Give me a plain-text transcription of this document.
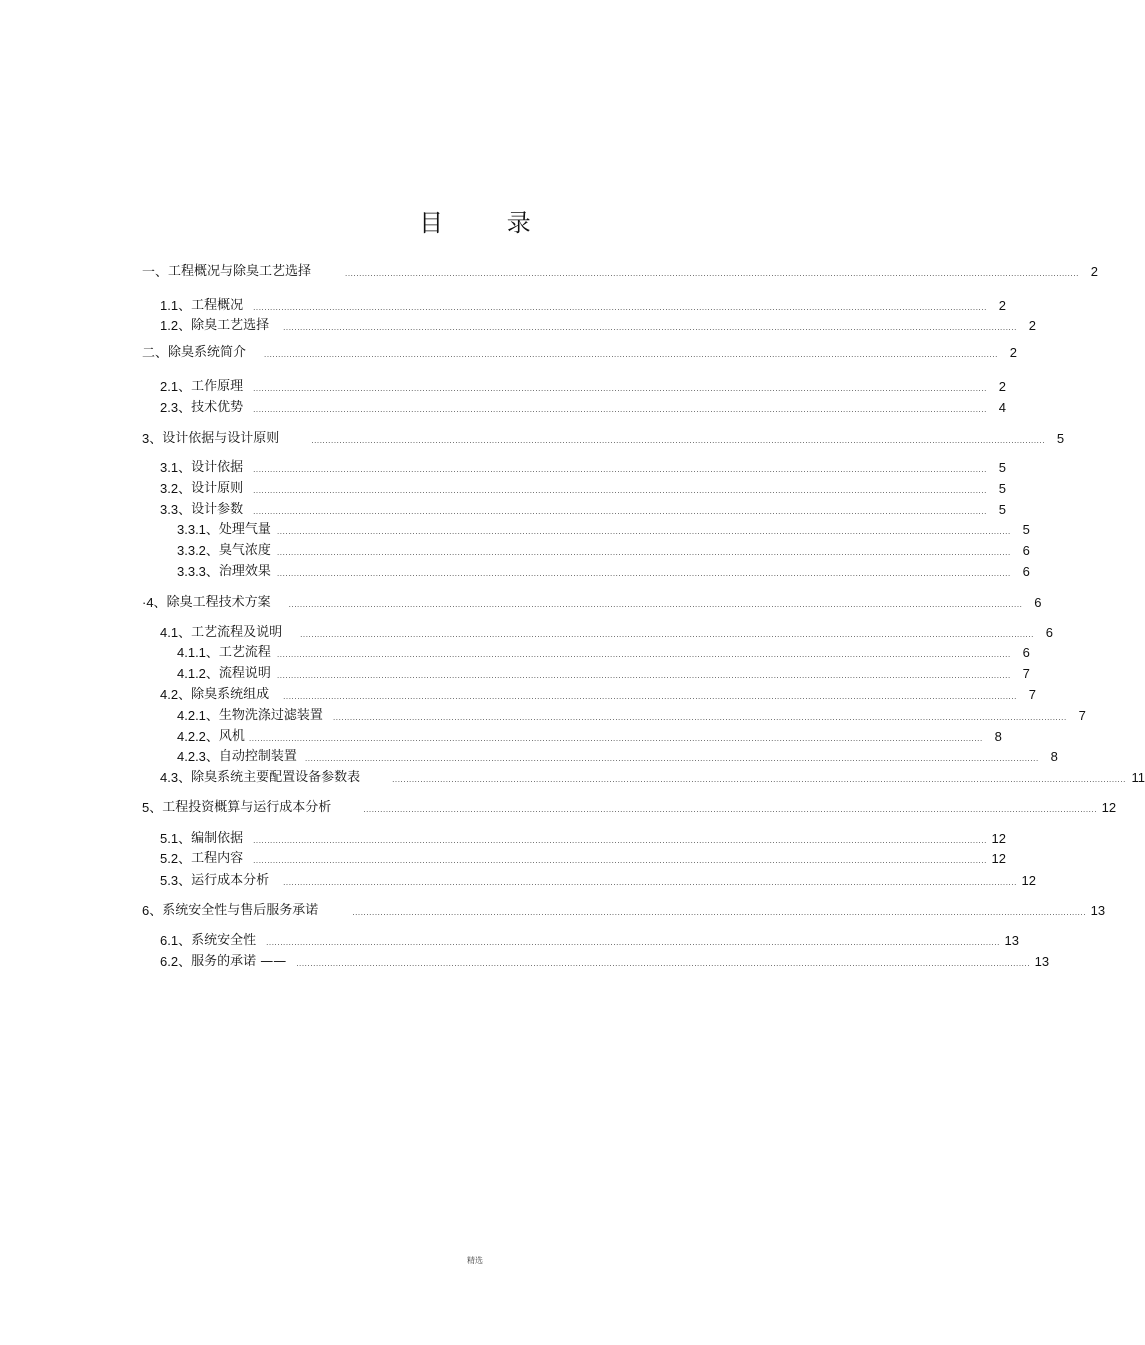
目 录
一、 工程概况与除臭工艺选择	.................................................................................................................................................................................................................................................................... 2
1.1、 工程概况 .................................................................................................................................................................................................................................................................... 2
1.2、 除臭工艺选择 .................................................................................................................................................................................................................................................................... 2
二、 除臭系统简介 .................................................................................................................................................................................................................................................................... 2
2.1、 工作原理 .................................................................................................................................................................................................................................................................... 2
2.3、 技术优势 .................................................................................................................................................................................................................................................................... 4
3、 设计依据与设计原则	.................................................................................................................................................................................................................................................................... 5
3.1、 设计依据 .................................................................................................................................................................................................................................................................... 5
3.2、 设计原则 .................................................................................................................................................................................................................................................................... 5
3.3、 设计参数 .................................................................................................................................................................................................................................................................... 5
3.3.1、 处理气量 .................................................................................................................................................................................................................................................................... 5
3.3.2、 臭气浓度 .................................................................................................................................................................................................................................................................... 6
3.3.3、 治理效果 .................................................................................................................................................................................................................................................................... 6
·4、 除臭工程技术方案 .................................................................................................................................................................................................................................................................... 6
4.1、 工艺流程及说明 .................................................................................................................................................................................................................................................................... 6
4.1.1、 工艺流程 .................................................................................................................................................................................................................................................................... 6
4.1.2、 流程说明 .................................................................................................................................................................................................................................................................... 7
4.2、 除臭系统组成 .................................................................................................................................................................................................................................................................... 7
4.2.1、 生物洗涤过滤装置 .................................................................................................................................................................................................................................................................... 7
4.2.2、 风机 .................................................................................................................................................................................................................................................................... 8
4.2.3、 自动控制装置 .................................................................................................................................................................................................................................................................... 8
4.3、 除臭系统主要配置设备参数表	.................................................................................................................................................................................................................................................................... 11
5、 工程投资概算与运行成本分析	.................................................................................................................................................................................................................................................................... 12
5.1、 编制依据 .................................................................................................................................................................................................................................................................... 12
5.2、 工程内容 .................................................................................................................................................................................................................................................................... 12
5.3、 运行成本分析 .................................................................................................................................................................................................................................................................... 12
6、 系统安全性与售后服务承诺	.................................................................................................................................................................................................................................................................... 13
6.1、 系统安全性 .................................................................................................................................................................................................................................................................... 13
6.2、 服务的承诺 —— .................................................................................................................................................................................................................................................................... 13
精选
